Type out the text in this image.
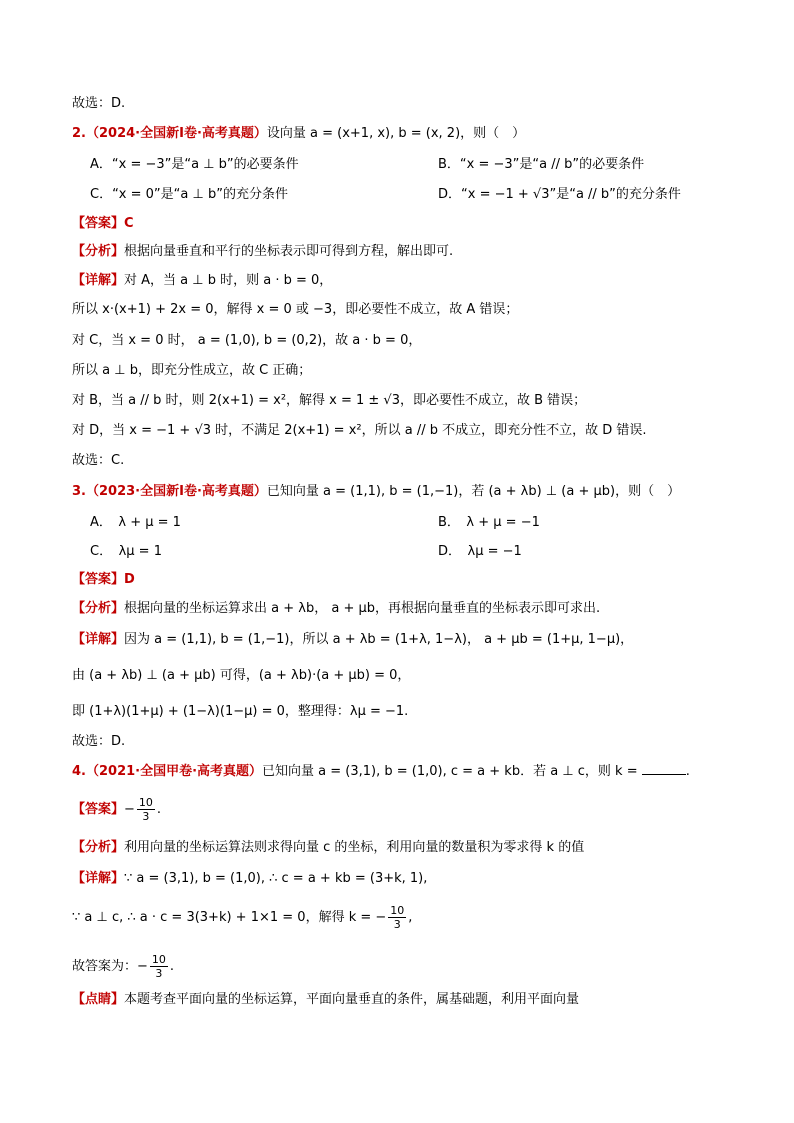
故选：D.
2.（2024·全国新Ⅰ卷·高考真题）设向量 a = (x+1, x), b = (x, 2)，则（　）
A．“x = −3”是“a ⊥ b”的必要条件	B．“x = −3”是“a // b”的必要条件
C．“x = 0”是“a ⊥ b”的充分条件	D．“x = −1 + √3”是“a // b”的充分条件
【答案】C
【分析】根据向量垂直和平行的坐标表示即可得到方程，解出即可.
【详解】对 A，当 a ⊥ b 时，则 a · b = 0，
所以 x·(x+1) + 2x = 0，解得 x = 0 或 −3，即必要性不成立，故 A 错误；
对 C，当 x = 0 时， a = (1,0), b = (0,2)，故 a · b = 0，
所以 a ⊥ b，即充分性成立，故 C 正确；
对 B，当 a // b 时，则 2(x+1) = x²，解得 x = 1 ± √3，即必要性不成立，故 B 错误；
对 D，当 x = −1 + √3 时，不满足 2(x+1) = x²，所以 a // b 不成立，即充分性不立，故 D 错误.
故选：C.
3.（2023·全国新Ⅰ卷·高考真题）已知向量 a = (1,1), b = (1,−1)，若 (a + λb) ⊥ (a + μb)，则（　）
A．　λ + μ = 1	B．　λ + μ = −1
C．　λμ = 1	D．　λμ = −1
【答案】D
【分析】根据向量的坐标运算求出 a + λb， a + μb，再根据向量垂直的坐标表示即可求出.
【详解】因为 a = (1,1), b = (1,−1)，所以 a + λb = (1+λ, 1−λ)， a + μb = (1+μ, 1−μ)，
由 (a + λb) ⊥ (a + μb) 可得，(a + λb)·(a + μb) = 0，
即 (1+λ)(1+μ) + (1−λ)(1−μ) = 0，整理得：λμ = −1.
故选：D.
4.（2021·全国甲卷·高考真题）已知向量 a = (3,1), b = (1,0), c = a + kb．若 a ⊥ c，则 k =	.
【答案】− $\frac{10}{3}$ .
【分析】利用向量的坐标运算法则求得向量 c 的坐标，利用向量的数量积为零求得 k 的值
【详解】∵ a = (3,1), b = (1,0), ∴ c = a + kb = (3+k, 1),
∵ a ⊥ c, ∴ a · c = 3(3+k) + 1×1 = 0，解得 k = − $\frac{10}{3}$ ,
故答案为：− $\frac{10}{3}$ .
【点睛】本题考查平面向量的坐标运算，平面向量垂直的条件，属基础题，利用平面向量
